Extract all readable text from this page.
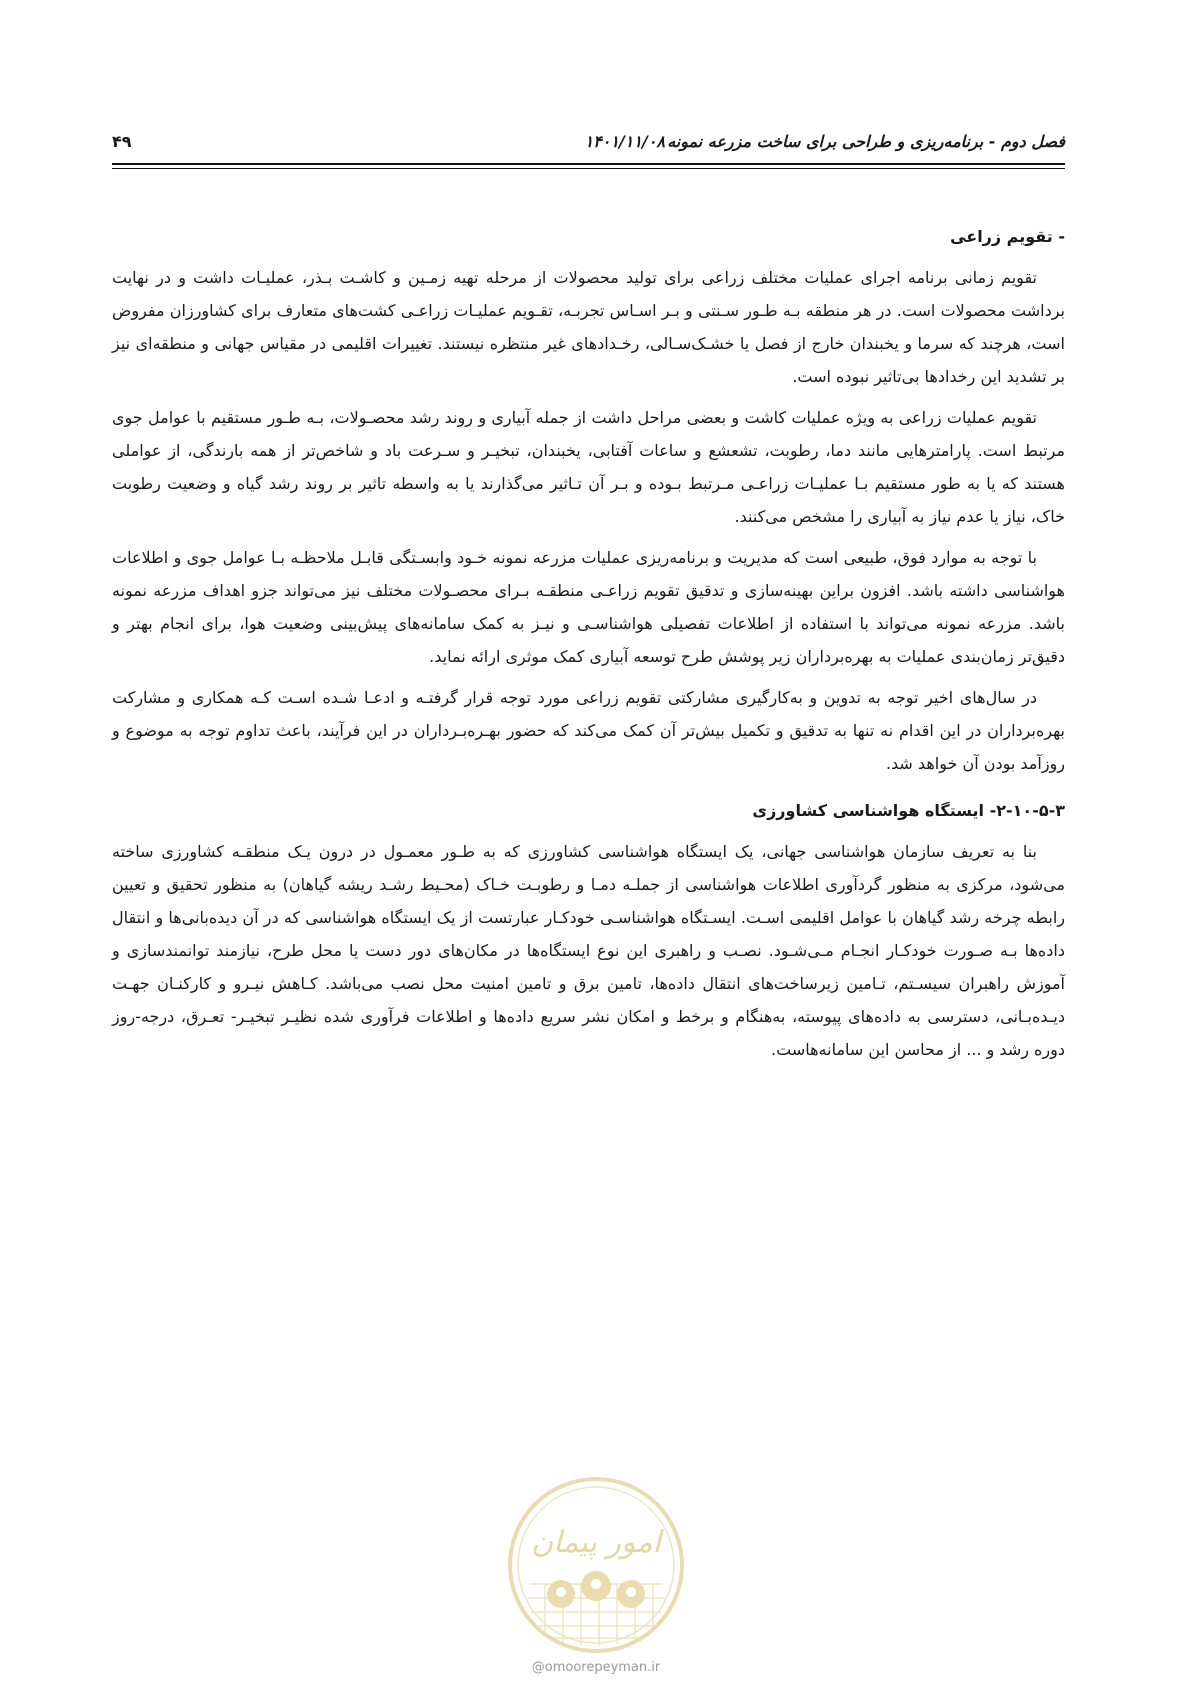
فصل دوم - برنامه‌ریزی و طراحی برای ساخت مزرعه نمونه
۱۴۰۱/۱۱/۰۸
۴۹
- تقویم زراعی

تقویم زمانی برنامه اجرای عملیات مختلف زراعی برای تولید محصولات از مرحله تهیه زمـین و کاشـت بـذر، عملیـات داشت و در نهایت برداشت محصولات است. در هر منطقه بـه طـور سـنتی و بـر اسـاس تجربـه، تقـویم عملیـات زراعـی کشت‌های متعارف برای کشاورزان مفروض است، هرچند که سرما و یخبندان خارج از فصل یا خشـک‌سـالی، رخـدادهای غیر منتظره نیستند. تغییرات اقلیمی در مقیاس جهانی و منطقه‌ای نیز بر تشدید این رخدادها بی‌تاثیر نبوده است.

تقویم عملیات زراعی به ویژه عملیات کاشت و بعضی مراحل داشت از جمله آبیاری و روند رشد محصـولات، بـه طـور مستقیم با عوامل جوی مرتبط است. پارامترهایی مانند دما، رطوبت، تشعشع و ساعات آفتابی، یخبندان، تبخیـر و سـرعت باد و شاخص‌تر از همه بارندگی، از عواملی هستند که یا به طور مستقیم بـا عملیـات زراعـی مـرتبط بـوده و بـر آن تـاثیر می‌گذارند یا به واسطه تاثیر بر روند رشد گیاه و وضعیت رطوبت خاک، نیاز یا عدم نیاز به آبیاری را مشخص می‌کنند.

با توجه به موارد فوق، طبیعی است که مدیریت و برنامه‌ریزی عملیات مزرعه نمونه خـود وابسـتگی قابـل ملاحظـه بـا عوامل جوی و اطلاعات هواشناسی داشته باشد. افزون براین بهینه‌سازی و تدقیق تقویم زراعـی منطقـه بـرای محصـولات مختلف نیز می‌تواند جزو اهداف مزرعه نمونه باشد. مزرعه نمونه می‌تواند با استفاده از اطلاعات تفصیلی هواشناسـی و نیـز به کمک سامانه‌های پیش‌بینی وضعیت هوا، برای انجام بهتر و دقیق‌تر زمان‌بندی عملیات به بهره‌برداران زیر پوشش طرح توسعه آبیاری کمک موثری ارائه نماید.

در سال‌های اخیر توجه به تدوین و به‌کارگیری مشارکتی تقویم زراعی مورد توجه قرار گرفتـه و ادعـا شـده اسـت کـه همکاری و مشارکت بهره‌برداران در این اقدام نه تنها به تدقیق و تکمیل بیش‌تر آن کمک می‌کند که حضور بهـره‌بـرداران در این فرآیند، باعث تداوم توجه به موضوع و روزآمد بودن آن خواهد شد.

۲-۱۰-۵-۳- ایستگاه هواشناسی کشاورزی

بنا به تعریف سازمان هواشناسی جهانی، یک ایستگاه هواشناسی کشاورزی که به طـور معمـول در درون یـک منطقـه کشاورزی ساخته می‌شود، مرکزی به منظور گردآوری اطلاعات هواشناسی از جملـه دمـا و رطوبـت خـاک (محـیط رشـد ریشه گیاهان) به منظور تحقیق و تعیین رابطه چرخه رشد گیاهان با عوامل اقلیمی اسـت. ایسـتگاه هواشناسـی خودکـار عبارتست از یک ایستگاه هواشناسی که در آن دیده‌بانی‌ها و انتقال داده‌ها بـه صـورت خودکـار انجـام مـی‌شـود. نصـب و راهبری این نوع ایستگاه‌ها در مکان‌های دور دست یا محل طرح، نیازمند توانمندسازی و آموزش راهبران سیسـتم، تـامین زیرساخت‌های انتقال داده‌ها، تامین برق و تامین امنیت محل نصب می‌باشد. کـاهش نیـرو و کارکنـان جهـت دیـده‌بـانی، دسترسی به داده‌های پیوسته، به‌هنگام و برخط و امکان نشر سریع داده‌ها و اطلاعات فرآوری شده نظیـر تبخیـر- تعـرق، درجه-روز دوره رشد و ... از محاسن این سامانه‌هاست.

امور پیمان
@omoorepeyman.ir
